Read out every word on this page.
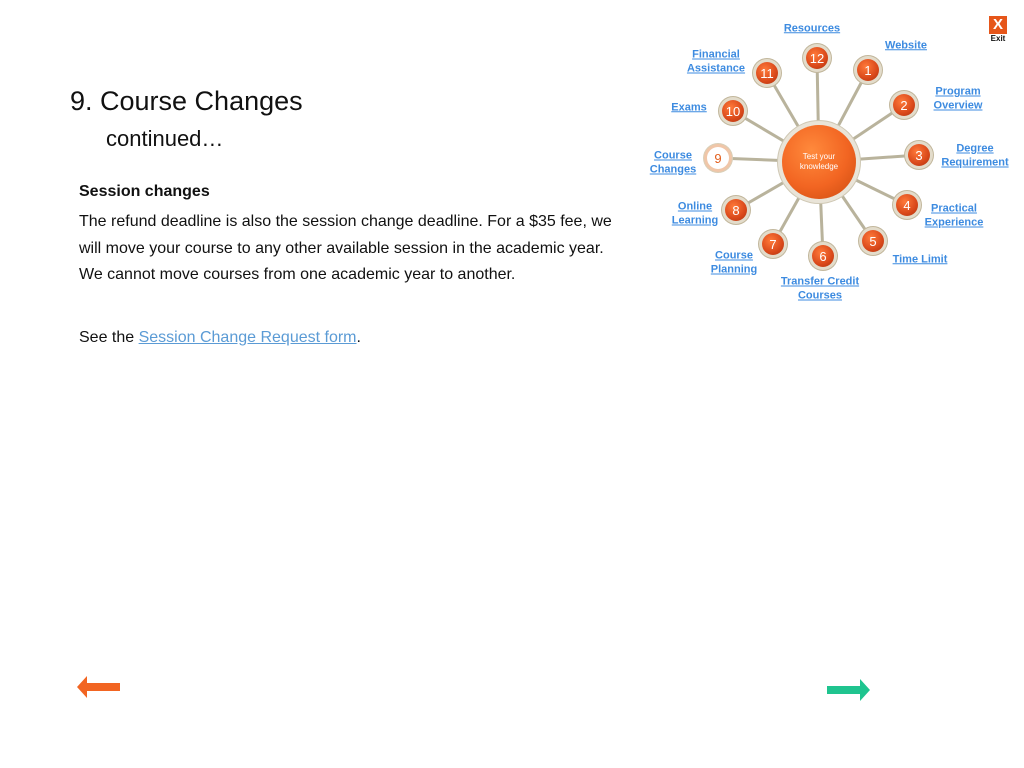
9. Course Changes
continued…
Session changes

The refund deadline is also the session change deadline. For a $35 fee, we will move your course to any other available session in the academic year. We cannot move courses from one academic year to another.

See the Session Change Request form.

Test your
knowledge
1
Website
2
Program
Overview
3	Degree
Requirement
4	Practical
Experience
5
Time Limit
6
Transfer Credit
Courses
7
Course
Planning
8
Online
Learning
9
Course
Changes
10
Exams
11
Financial
Assistance
12
Resources	X
Exit
